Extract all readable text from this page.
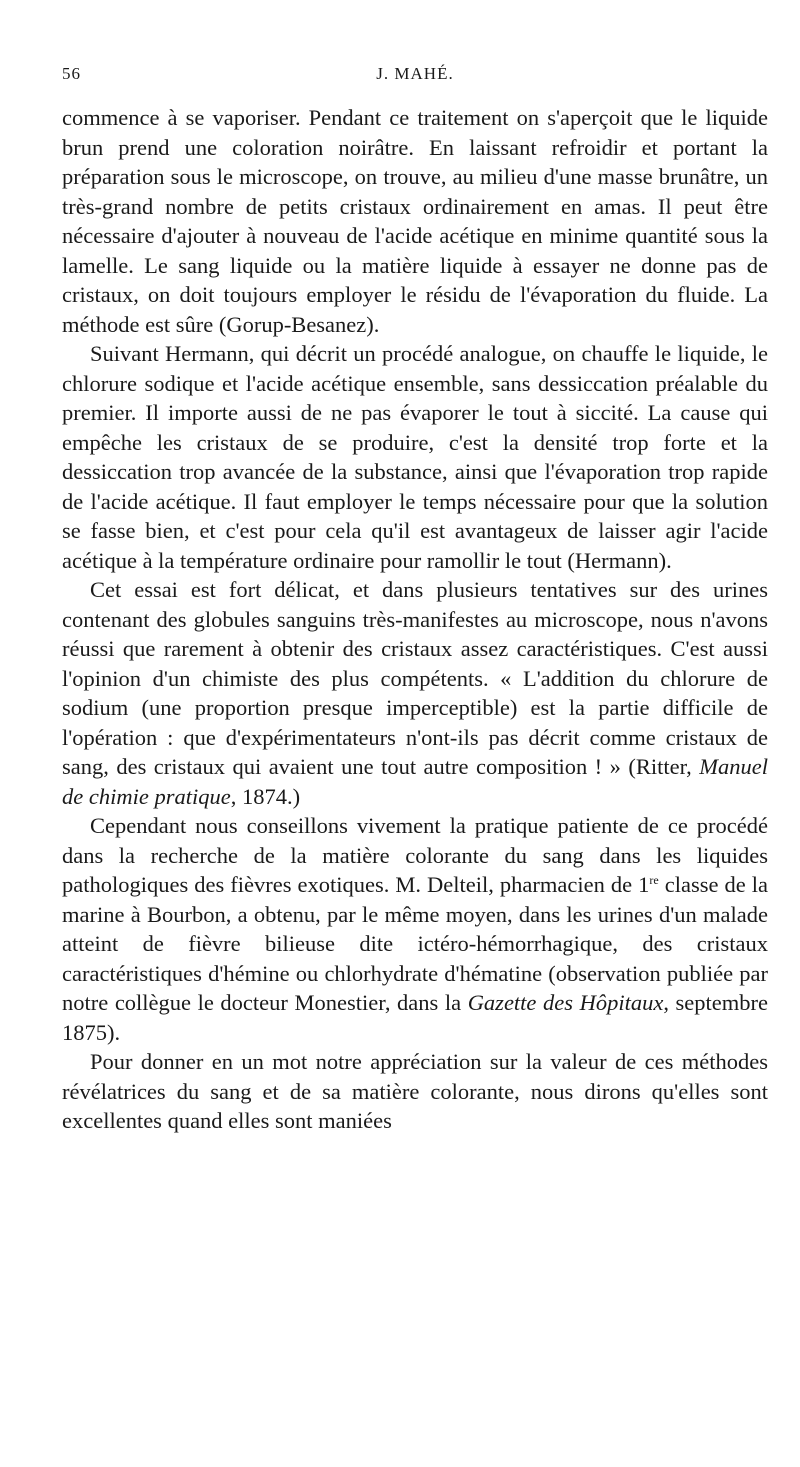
56	J. MAHÉ.

commence à se vaporiser. Pendant ce traitement on s'aperçoit que le liquide brun prend une coloration noirâtre. En laissant refroidir et portant la préparation sous le microscope, on trouve, au milieu d'une masse brunâtre, un très-grand nombre de petits cristaux ordinairement en amas. Il peut être nécessaire d'ajouter à nouveau de l'acide acétique en minime quantité sous la lamelle. Le sang liquide ou la matière liquide à essayer ne donne pas de cristaux, on doit toujours employer le résidu de l'évaporation du fluide. La méthode est sûre (Gorup-Besanez).

Suivant Hermann, qui décrit un procédé analogue, on chauffe le liquide, le chlorure sodique et l'acide acétique ensemble, sans dessiccation préalable du premier. Il importe aussi de ne pas évaporer le tout à siccité. La cause qui empêche les cristaux de se produire, c'est la densité trop forte et la dessiccation trop avancée de la substance, ainsi que l'évaporation trop rapide de l'acide acétique. Il faut employer le temps nécessaire pour que la solution se fasse bien, et c'est pour cela qu'il est avantageux de laisser agir l'acide acétique à la température ordinaire pour ramollir le tout (Hermann).

Cet essai est fort délicat, et dans plusieurs tentatives sur des urines contenant des globules sanguins très-manifestes au microscope, nous n'avons réussi que rarement à obtenir des cristaux assez caractéristiques. C'est aussi l'opinion d'un chimiste des plus compétents. « L'addition du chlorure de sodium (une proportion presque imperceptible) est la partie difficile de l'opération : que d'expérimentateurs n'ont-ils pas décrit comme cristaux de sang, des cristaux qui avaient une tout autre composition ! » (Ritter, Manuel de chimie pratique, 1874.)

Cependant nous conseillons vivement la pratique patiente de ce procédé dans la recherche de la matière colorante du sang dans les liquides pathologiques des fièvres exotiques. M. Delteil, pharmacien de 1re classe de la marine à Bourbon, a obtenu, par le même moyen, dans les urines d'un malade atteint de fièvre bilieuse dite ictéro-hémorrhagique, des cristaux caractéristiques d'hémine ou chlorhydrate d'hématine (observation publiée par notre collègue le docteur Monestier, dans la Gazette des Hôpitaux, septembre 1875).

Pour donner en un mot notre appréciation sur la valeur de ces méthodes révélatrices du sang et de sa matière colorante, nous dirons qu'elles sont excellentes quand elles sont maniées
